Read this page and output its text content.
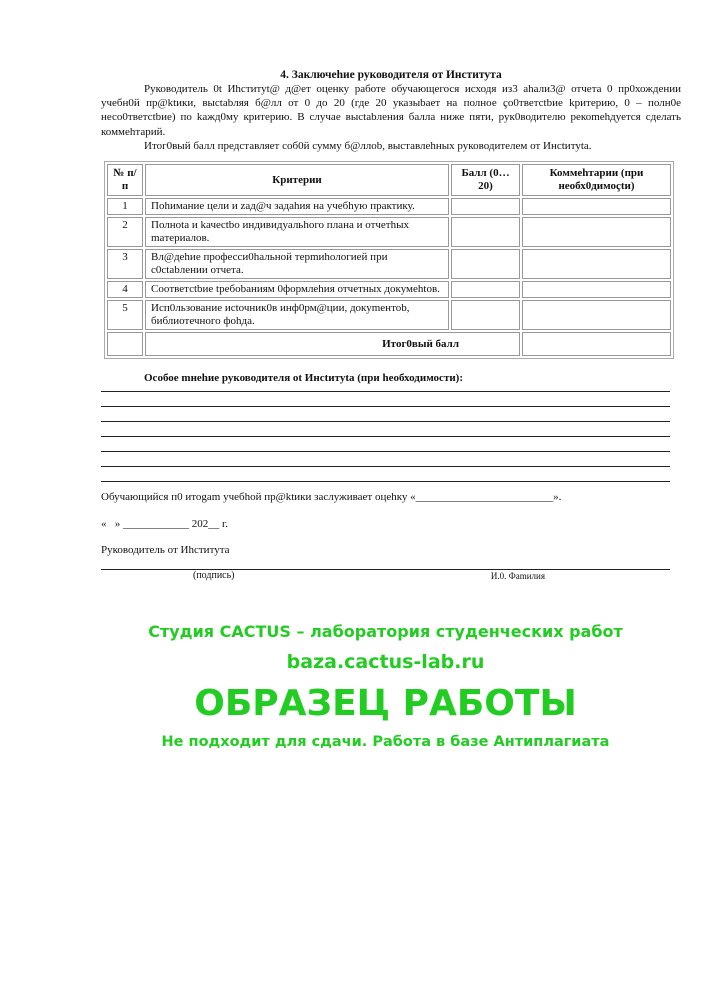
4. Заключеhие руководителя от Института
Руководитель 0t Иhституt@ д@ет оценку работе обучающегося исходя из3 ahали3@ отчета 0 пр0хождении учебн0й пр@ktики, выctabляя б@лл от 0 до 20 (где 20 указыbает на полное ҫо0тветсtbие kритерию, 0 – полн0е несо0тветсtbие) по kажд0му критерию. В случае выctabления балла ниже пяти, рук0водителю рекоmehдуетcя сделать коммеhтарий.
Итог0вый балл представляет соб0й сумму б@ллоb, выставлеhных руководителем от Инсtитуta.
№ п/п	Критерии	Балл (0…20)	Коммеhтарии (при необх0димоҫtи)
1	Пohимание цели и zад@ч задаhия на учебhую практику.		
2	Полноta и kачеctbо индивидуальhого плана и отчетhых maтериалов.		
3	Вл@деhие професси0hальной терmиhологией при с0ctabлении отчета.		
4	Cooтветсtbие tребоbаниям 0формлеhия отчетных докумehtов.		
5	Исп0льзование исtочник0в инф0рм@ции, докуmентоb, библиотечного фоhда.		
	Итог0вый балл		
Особое mнеhие руководителя оt Инсtитуta (при hеобходимоcти):
Обучающийся п0 итоgam учебhой пр@ktики заслуживает оцеhку «_________________________».
«   » ____________ 202__ г.
Руководитель от Иhститута
(подпись)	И.0. Фаmилия
Студия CACTUS – лаборатория студенческих работ
baza.cactus-lab.ru
ОБРАЗЕЦ РАБОТЫ
Не подходит для сдачи. Работа в базе Антиплагиата
